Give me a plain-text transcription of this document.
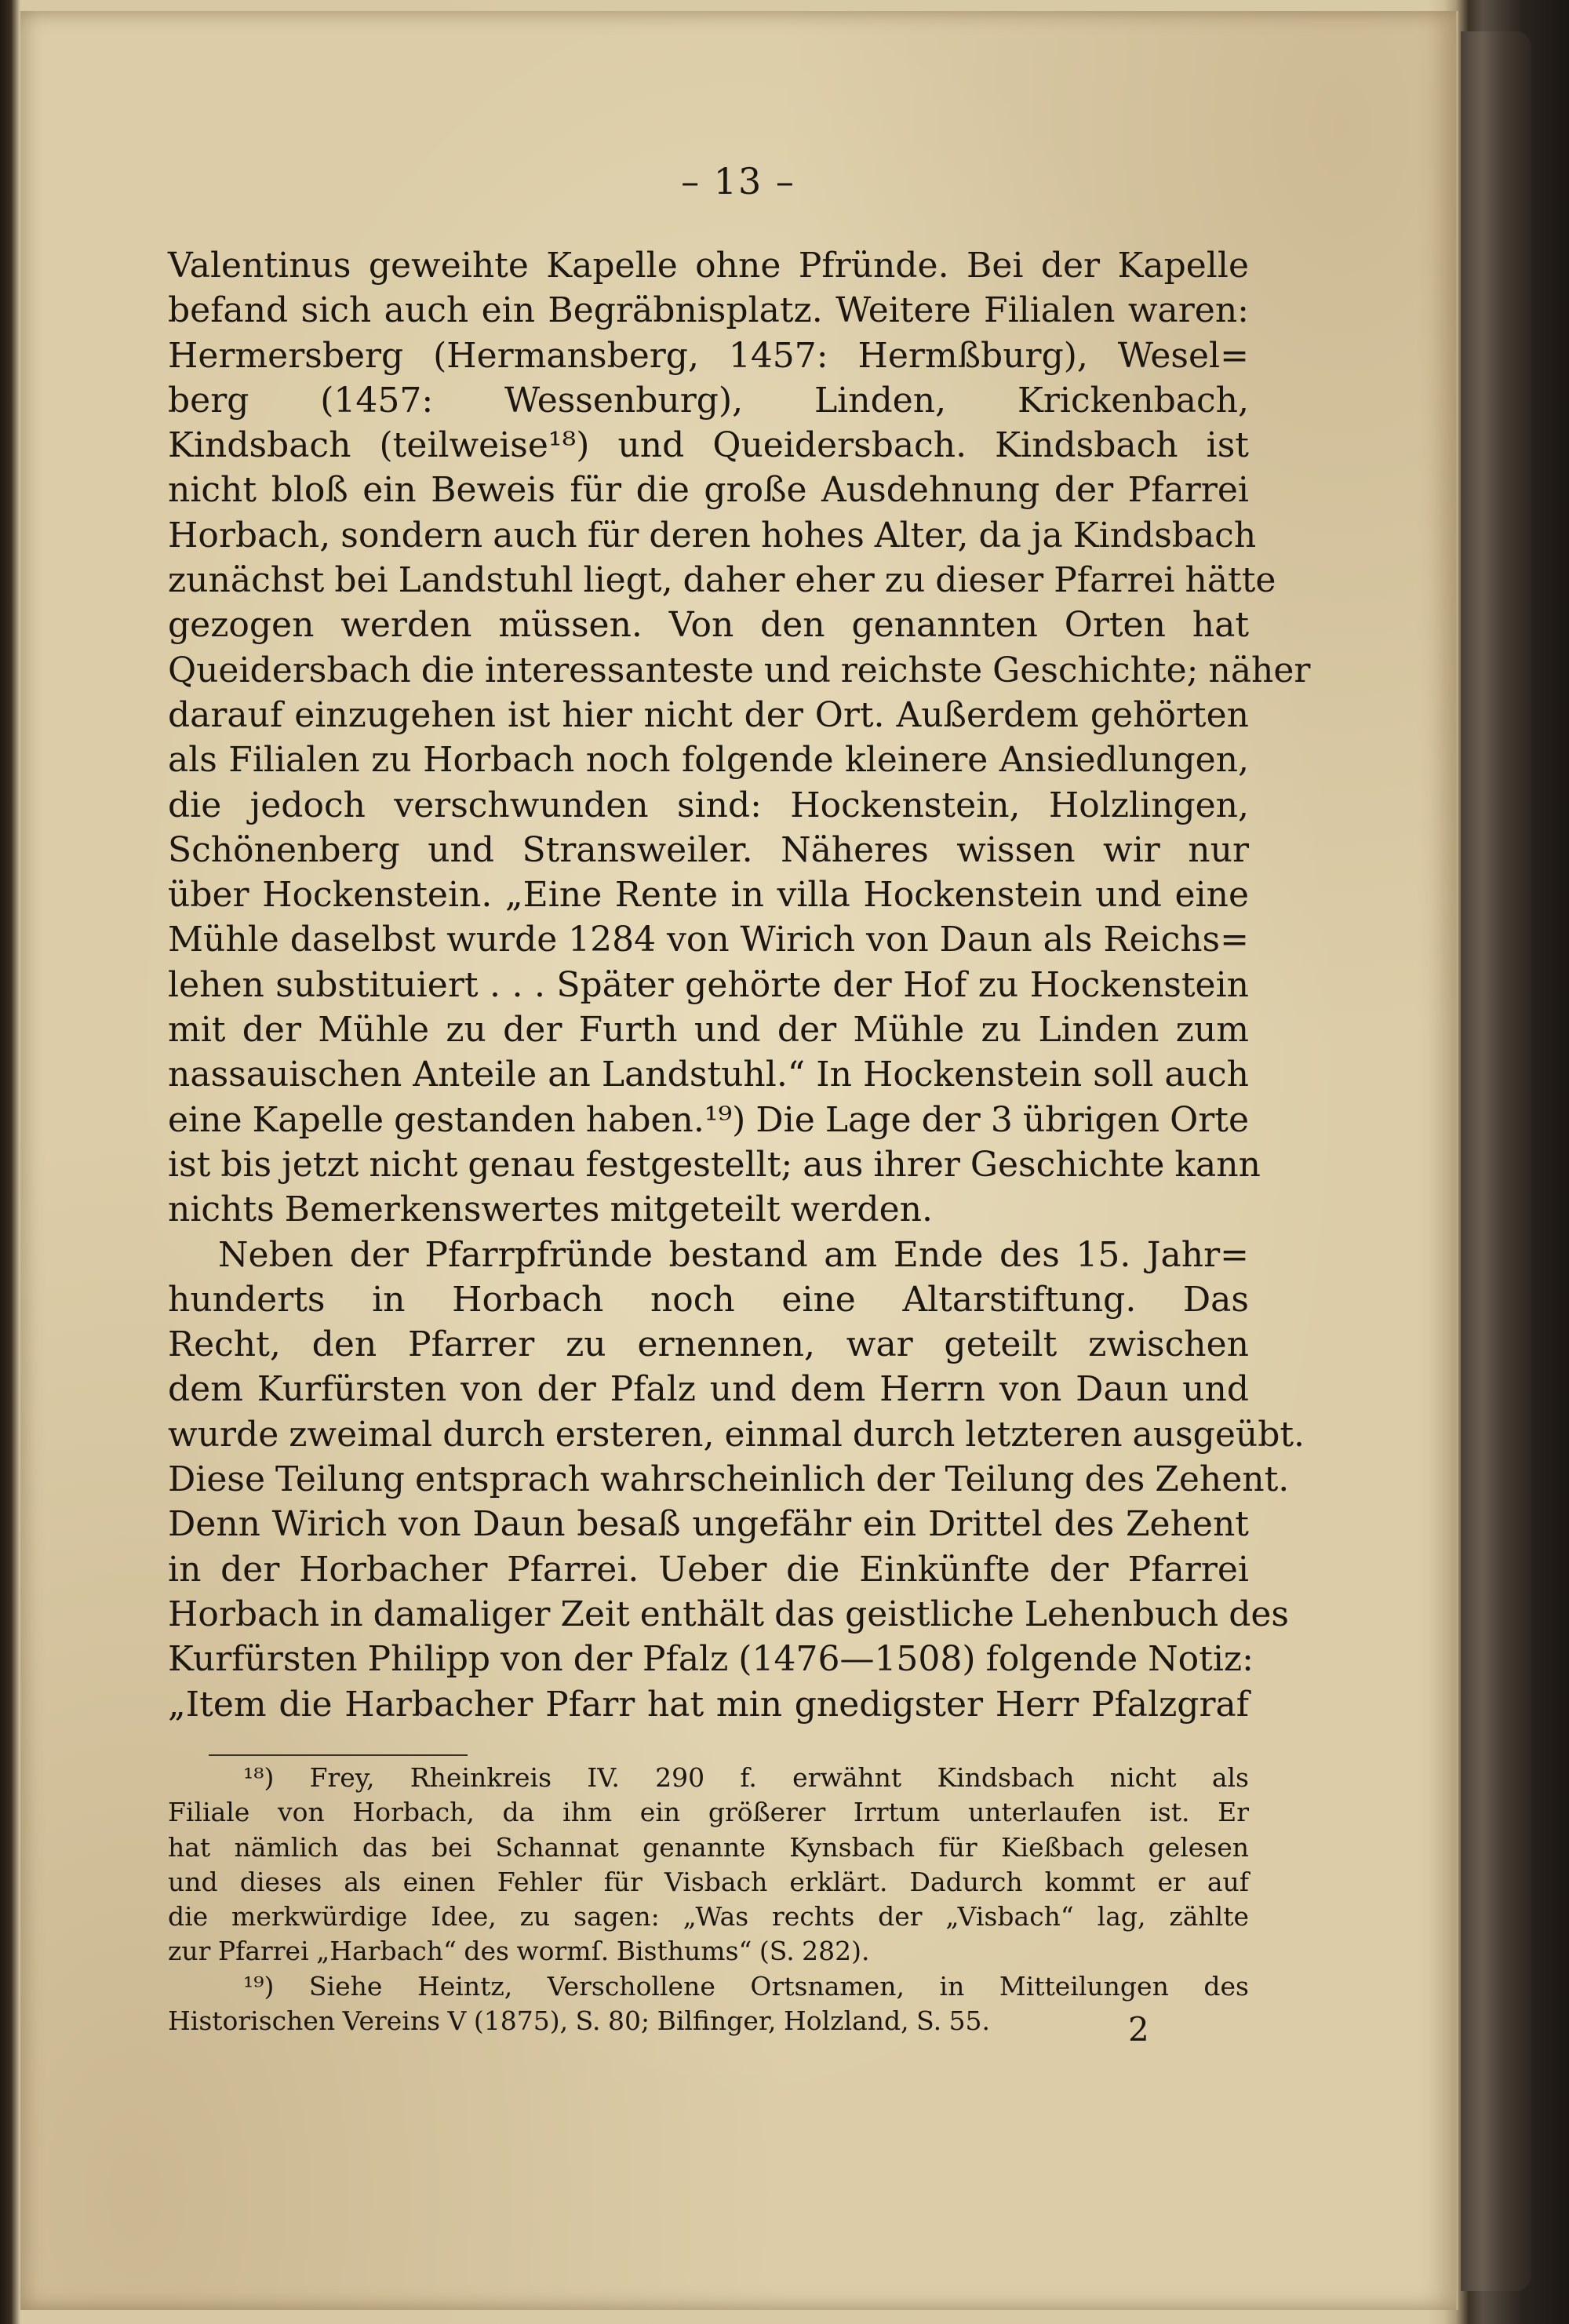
– 13 –
Valentinus geweihte Kapelle ohne Pfründe. Bei der Kapelle
befand sich auch ein Begräbnisplatz. Weitere Filialen waren:
Hermersberg (Hermansberg, 1457: Hermßburg), Wesel=
berg (1457: Wessenburg), Linden, Krickenbach,
Kindsbach (teilweise¹⁸) und Queidersbach. Kindsbach ist
nicht bloß ein Beweis für die große Ausdehnung der Pfarrei
Horbach, sondern auch für deren hohes Alter, da ja Kindsbach
zunächst bei Landstuhl liegt, daher eher zu dieser Pfarrei hätte
gezogen werden müssen. Von den genannten Orten hat
Queidersbach die interessanteste und reichste Geschichte; näher
darauf einzugehen ist hier nicht der Ort. Außerdem gehörten
als Filialen zu Horbach noch folgende kleinere Ansiedlungen,
die jedoch verschwunden sind: Hockenstein, Holzlingen,
Schönenberg und Stransweiler. Näheres wissen wir nur
über Hockenstein. „Eine Rente in villa Hockenstein und eine
Mühle daselbst wurde 1284 von Wirich von Daun als Reichs=
lehen substituiert . . . Später gehörte der Hof zu Hockenstein
mit der Mühle zu der Furth und der Mühle zu Linden zum
nassauischen Anteile an Landstuhl.“ In Hockenstein soll auch
eine Kapelle gestanden haben.¹⁹) Die Lage der 3 übrigen Orte
ist bis jetzt nicht genau festgestellt; aus ihrer Geschichte kann
nichts Bemerkenswertes mitgeteilt werden.
Neben der Pfarrpfründe bestand am Ende des 15. Jahr=
hunderts in Horbach noch eine Altarstiftung. Das
Recht, den Pfarrer zu ernennen, war geteilt zwischen
dem Kurfürsten von der Pfalz und dem Herrn von Daun und
wurde zweimal durch ersteren, einmal durch letzteren ausgeübt.
Diese Teilung entsprach wahrscheinlich der Teilung des Zehent.
Denn Wirich von Daun besaß ungefähr ein Drittel des Zehent
in der Horbacher Pfarrei. Ueber die Einkünfte der Pfarrei
Horbach in damaliger Zeit enthält das geistliche Lehenbuch des
Kurfürsten Philipp von der Pfalz (1476—1508) folgende Notiz:
„Item die Harbacher Pfarr hat min gnedigster Herr Pfalzgraf
¹⁸) Frey, Rheinkreis IV. 290 f. erwähnt Kindsbach nicht als
Filiale von Horbach, da ihm ein größerer Irrtum unterlaufen ist. Er
hat nämlich das bei Schannat genannte Kynsbach für Kießbach gelesen
und dieses als einen Fehler für Visbach erklärt. Dadurch kommt er auf
die merkwürdige Idee, zu sagen: „Was rechts der „Visbach“ lag, zählte
zur Pfarrei „Harbach“ des wormſ. Bisthums“ (S. 282).
¹⁹) Siehe Heintz, Verschollene Ortsnamen, in Mitteilungen des
Historischen Vereins V (1875), S. 80; Bilfinger, Holzland, S. 55.	2
